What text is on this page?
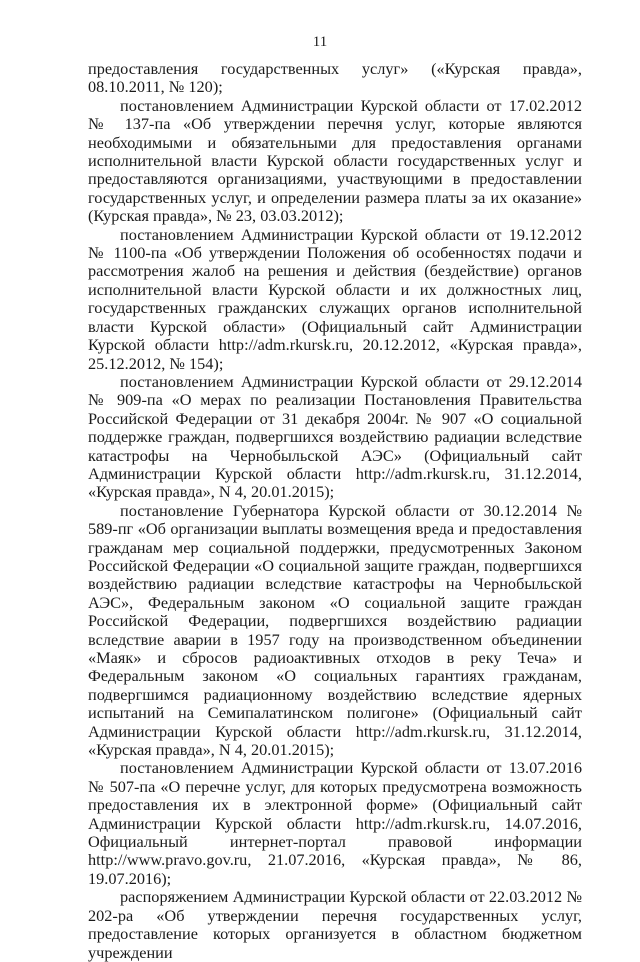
11

предоставления государственных услуг» («Курская правда», 08.10.2011, № 120);

постановлением Администрации Курской области от 17.02.2012 № 137-па «Об утверждении перечня услуг, которые являются необходимыми и обязательными для предоставления органами исполнительной власти Курской области государственных услуг и предоставляются организациями, участвующими в предоставлении государственных услуг, и определении размера платы за их оказание» (Курская правда», № 23, 03.03.2012);

постановлением Администрации Курской области от 19.12.2012 № 1100-па «Об утверждении Положения об особенностях подачи и рассмотрения жалоб на решения и действия (бездействие) органов исполнительной власти Курской области и их должностных лиц, государственных гражданских служащих органов исполнительной власти Курской области» (Официальный сайт Администрации Курской области http://adm.rkursk.ru, 20.12.2012, «Курская правда», 25.12.2012, № 154);

постановлением Администрации Курской области от 29.12.2014 № 909-па «О мерах по реализации Постановления Правительства Российской Федерации от 31 декабря 2004г. № 907 «О социальной поддержке граждан, подвергшихся воздействию радиации вследствие катастрофы на Чернобыльской АЭС» (Официальный сайт Администрации Курской области http://adm.rkursk.ru, 31.12.2014, «Курская правда», N 4, 20.01.2015);

постановление Губернатора Курской области от 30.12.2014 № 589-пг «Об организации выплаты возмещения вреда и предоставления гражданам мер социальной поддержки, предусмотренных Законом Российской Федерации «О социальной защите граждан, подвергшихся воздействию радиации вследствие катастрофы на Чернобыльской АЭС», Федеральным законом «О социальной защите граждан Российской Федерации, подвергшихся воздействию радиации вследствие аварии в 1957 году на производственном объединении «Маяк» и сбросов радиоактивных отходов в реку Теча» и Федеральным законом «О социальных гарантиях гражданам, подвергшимся радиационному воздействию вследствие ядерных испытаний на Семипалатинском полигоне» (Официальный сайт Администрации Курской области http://adm.rkursk.ru, 31.12.2014, «Курская правда», N 4, 20.01.2015);

постановлением Администрации Курской области от 13.07.2016 № 507-па «О перечне услуг, для которых предусмотрена возможность предоставления их в электронной форме» (Официальный сайт Администрации Курской области http://adm.rkursk.ru, 14.07.2016, Официальный интернет-портал правовой информации http://www.pravo.gov.ru, 21.07.2016, «Курская правда», № 86, 19.07.2016);

распоряжением Администрации Курской области от 22.03.2012 № 202-ра «Об утверждении перечня государственных услуг, предоставление которых организуется в областном бюджетном учреждении
